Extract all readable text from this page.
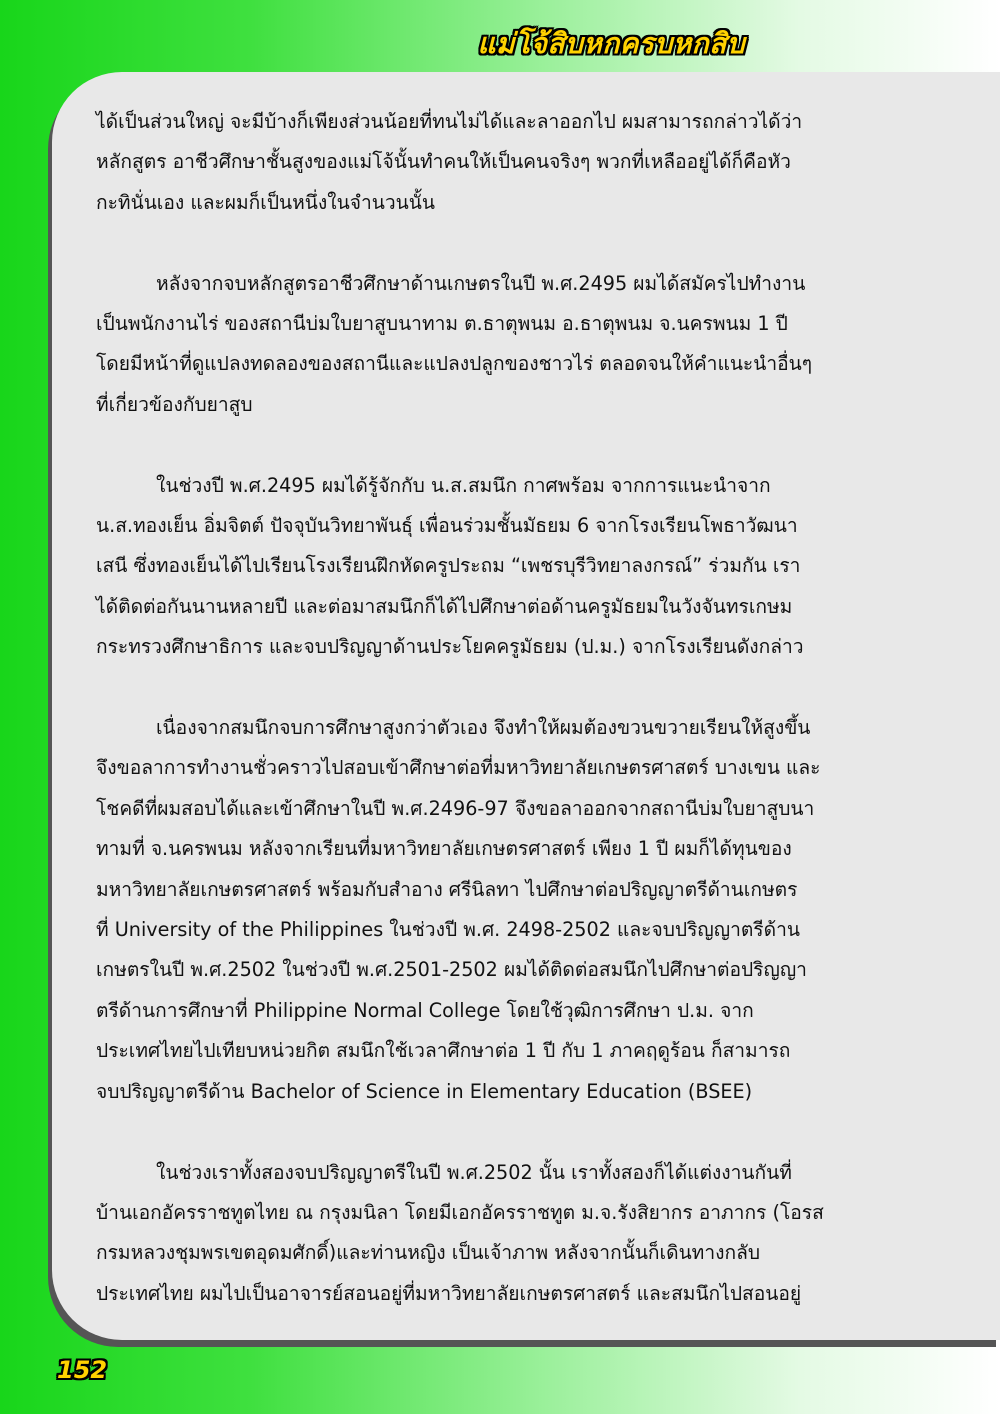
แม่โจ้สิบหกครบหกสิบ

ได้เป็นส่วนใหญ่ จะมีบ้างก็เพียงส่วนน้อยที่ทนไม่ได้และลาออกไป ผมสามารถกล่าวได้ว่า
หลักสูตร อาชีวศึกษาชั้นสูงของแม่โจ้นั้นทำคนให้เป็นคนจริงๆ พวกที่เหลืออยู่ได้ก็คือหัว
กะทินั่นเอง และผมก็เป็นหนึ่งในจำนวนนั้น

หลังจากจบหลักสูตรอาชีวศึกษาด้านเกษตรในปี พ.ศ.2495 ผมได้สมัครไปทำงาน
เป็นพนักงานไร่ ของสถานีบ่มใบยาสูบนาทาม ต.ธาตุพนม อ.ธาตุพนม จ.นครพนม 1 ปี
โดยมีหน้าที่ดูแปลงทดลองของสถานีและแปลงปลูกของชาวไร่ ตลอดจนให้คำแนะนำอื่นๆ
ที่เกี่ยวข้องกับยาสูบ

ในช่วงปี พ.ศ.2495 ผมได้รู้จักกับ น.ส.สมนึก กาศพร้อม จากการแนะนำจาก
น.ส.ทองเย็น อิ่มจิตต์ ปัจจุบันวิทยาพันธุ์ เพื่อนร่วมชั้นมัธยม 6 จากโรงเรียนโพธาวัฒนา
เสนี ซึ่งทองเย็นได้ไปเรียนโรงเรียนฝึกหัดครูประถม “เพชรบุรีวิทยาลงกรณ์” ร่วมกัน เรา
ได้ติดต่อกันนานหลายปี และต่อมาสมนึกก็ได้ไปศึกษาต่อด้านครูมัธยมในวังจันทรเกษม
กระทรวงศึกษาธิการ และจบปริญญาด้านประโยคครูมัธยม (ป.ม.) จากโรงเรียนดังกล่าว

เนื่องจากสมนึกจบการศึกษาสูงกว่าตัวเอง จึงทำให้ผมต้องขวนขวายเรียนให้สูงขึ้น
จึงขอลาการทำงานชั่วคราวไปสอบเข้าศึกษาต่อที่มหาวิทยาลัยเกษตรศาสตร์ บางเขน และ
โชคดีที่ผมสอบได้และเข้าศึกษาในปี พ.ศ.2496-97 จึงขอลาออกจากสถานีบ่มใบยาสูบนา
ทามที่ จ.นครพนม หลังจากเรียนที่มหาวิทยาลัยเกษตรศาสตร์ เพียง 1 ปี ผมก็ได้ทุนของ
มหาวิทยาลัยเกษตรศาสตร์ พร้อมกับสำอาง ศรีนิลทา ไปศึกษาต่อปริญญาตรีด้านเกษตร
ที่ University of the Philippines ในช่วงปี พ.ศ. 2498-2502 และจบปริญญาตรีด้าน
เกษตรในปี พ.ศ.2502 ในช่วงปี พ.ศ.2501-2502 ผมได้ติดต่อสมนึกไปศึกษาต่อปริญญา
ตรีด้านการศึกษาที่ Philippine Normal College โดยใช้วุฒิการศึกษา ป.ม. จาก
ประเทศไทยไปเทียบหน่วยกิต สมนึกใช้เวลาศึกษาต่อ 1 ปี กับ 1 ภาคฤดูร้อน ก็สามารถ
จบปริญญาตรีด้าน Bachelor of Science in Elementary Education (BSEE)

ในช่วงเราทั้งสองจบปริญญาตรีในปี พ.ศ.2502 นั้น เราทั้งสองก็ได้แต่งงานกันที่
บ้านเอกอัครราชทูตไทย ณ กรุงมนิลา โดยมีเอกอัครราชทูต ม.จ.รังสิยากร อาภากร (โอรส
กรมหลวงชุมพรเขตอุดมศักดิ์)และท่านหญิง เป็นเจ้าภาพ หลังจากนั้นก็เดินทางกลับ
ประเทศไทย ผมไปเป็นอาจารย์สอนอยู่ที่มหาวิทยาลัยเกษตรศาสตร์ และสมนึกไปสอนอยู่

152
